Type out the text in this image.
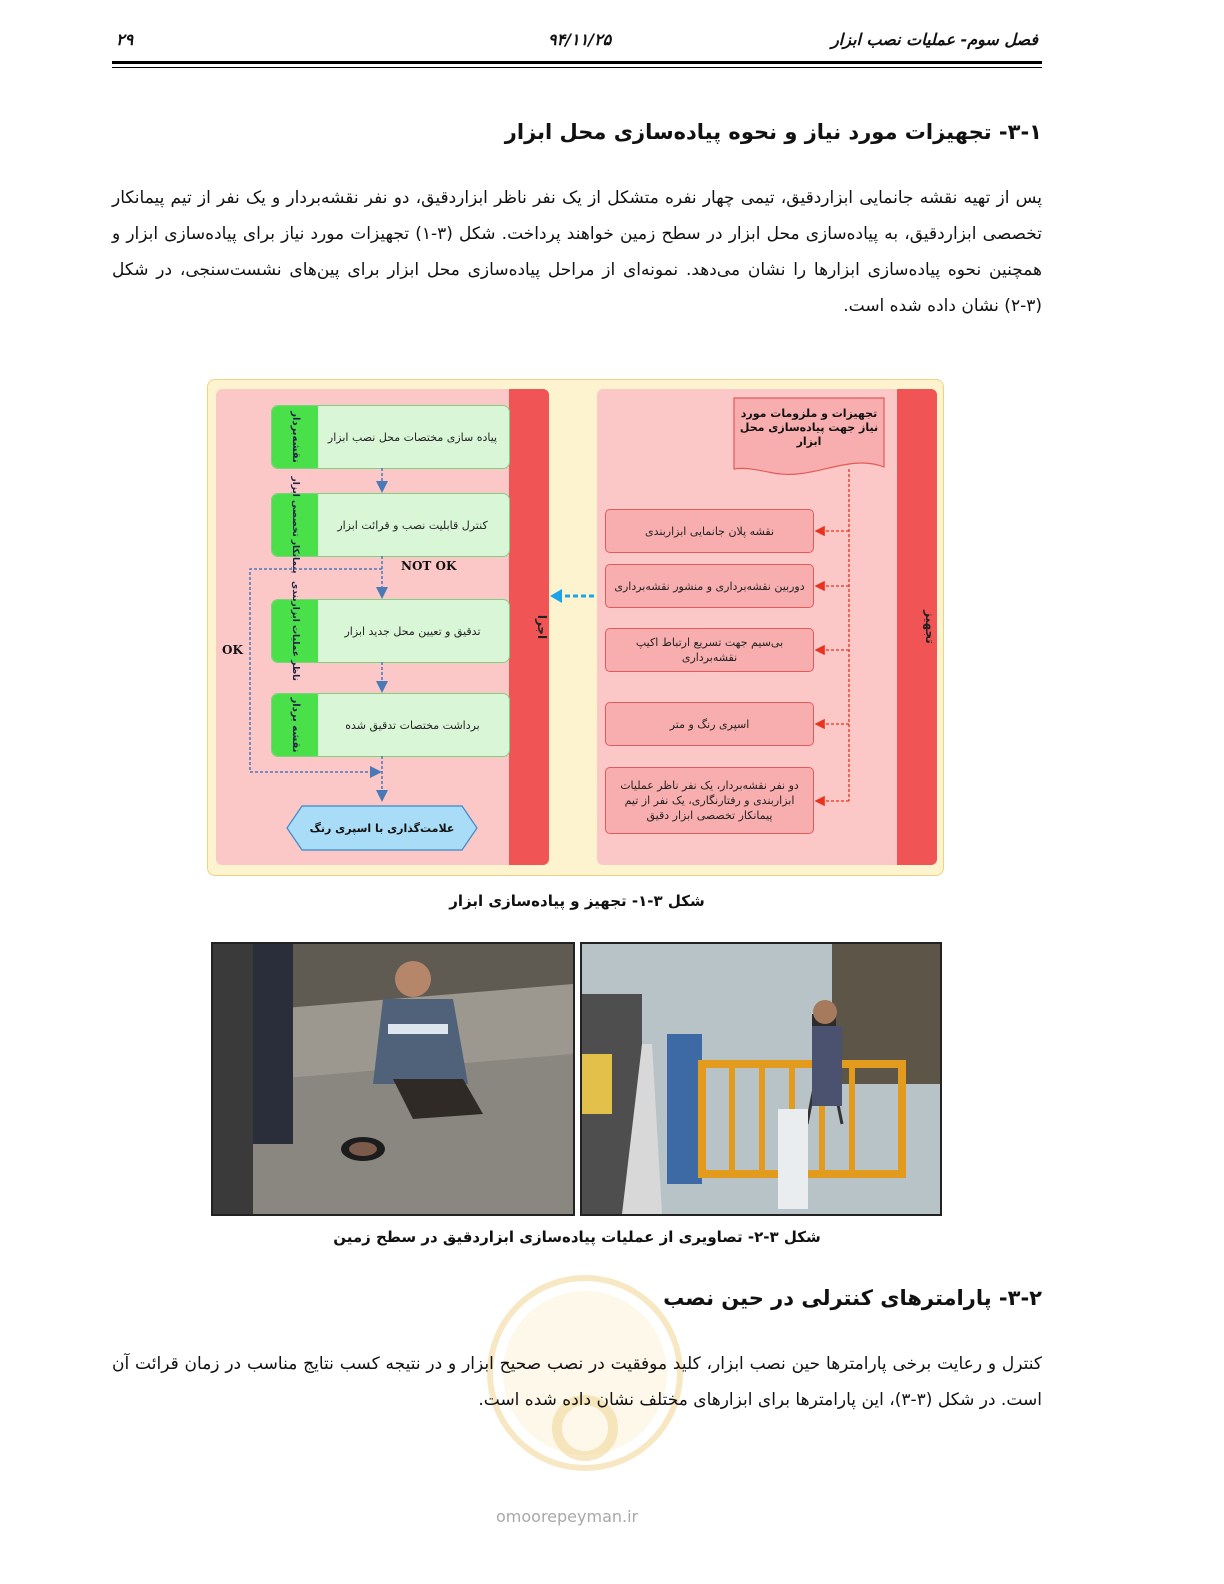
فصل سوم- عملیات نصب ابزار
۹۴/۱۱/۲۵
۲۹
۳-۱- تجهیزات مورد نیاز و نحوه پیاده‌سازی محل ابزار

پس از تهیه نقشه جانمایی ابزاردقیق، تیمی چهار نفره متشکل از یک نفر ناظر ابزاردقیق، دو نفر نقشه‌بردار و یک نفر از تیم پیمانکار تخصصی ابزاردقیق، به پیاده‌سازی محل ابزار در سطح زمین خواهند پرداخت. شکل (۳-۱) تجهیزات مورد نیاز برای پیاده‌سازی ابزار و همچنین نحوه پیاده‌سازی ابزارها را نشان می‌دهد. نمونه‌ای از مراحل پیاده‌سازی محل ابزار برای پین‌های نشست‌سنجی، در شکل (۳-۲) نشان داده شده است.

اجرا
نقشه‌بردار	پیاده سازی مختصات محل نصب ابزار
پیمانکار تخصصی ابزار	کنترل قابلیت نصب و قرائت ابزار
ناظر عملیات ابزاربندی	تدقیق و تعیین محل جدید ابزار
نقشه بردار	برداشت مختصات تدقیق شده
NOT OK
OK
علامت‌گذاری با اسپری رنگ
تجهیز
تجهیزات و ملزومات مورد نیاز جهت پیاده‌سازی محل ابزار
نقشه پلان جانمایی ابزاربندی
دوربین نقشه‌برداری و منشور نقشه‌برداری
بی‌سیم جهت تسریع ارتباط اکیپ نقشه‌برداری
اسپری رنگ و متر
دو نفر نقشه‌بردار، یک نفر ناظر عملیات ابزاربندی و رفتارنگاری، یک نفر از تیم پیمانکار تخصصی ابزار دقیق
شکل ۳-۱- تجهیز و پیاده‌سازی ابزار
شکل ۳-۲- تصاویری از عملیات پیاده‌سازی ابزاردقیق در سطح زمین
۳-۲- پارامترهای کنترلی در حین نصب

کنترل و رعایت برخی پارامترها حین نصب ابزار، کلید موفقیت در نصب صحیح ابزار و در نتیجه کسب نتایج مناسب در زمان قرائت آن است. در شکل (۳-۳)، این پارامترها برای ابزارهای مختلف نشان داده شده است.

omoorepeyman.ir
